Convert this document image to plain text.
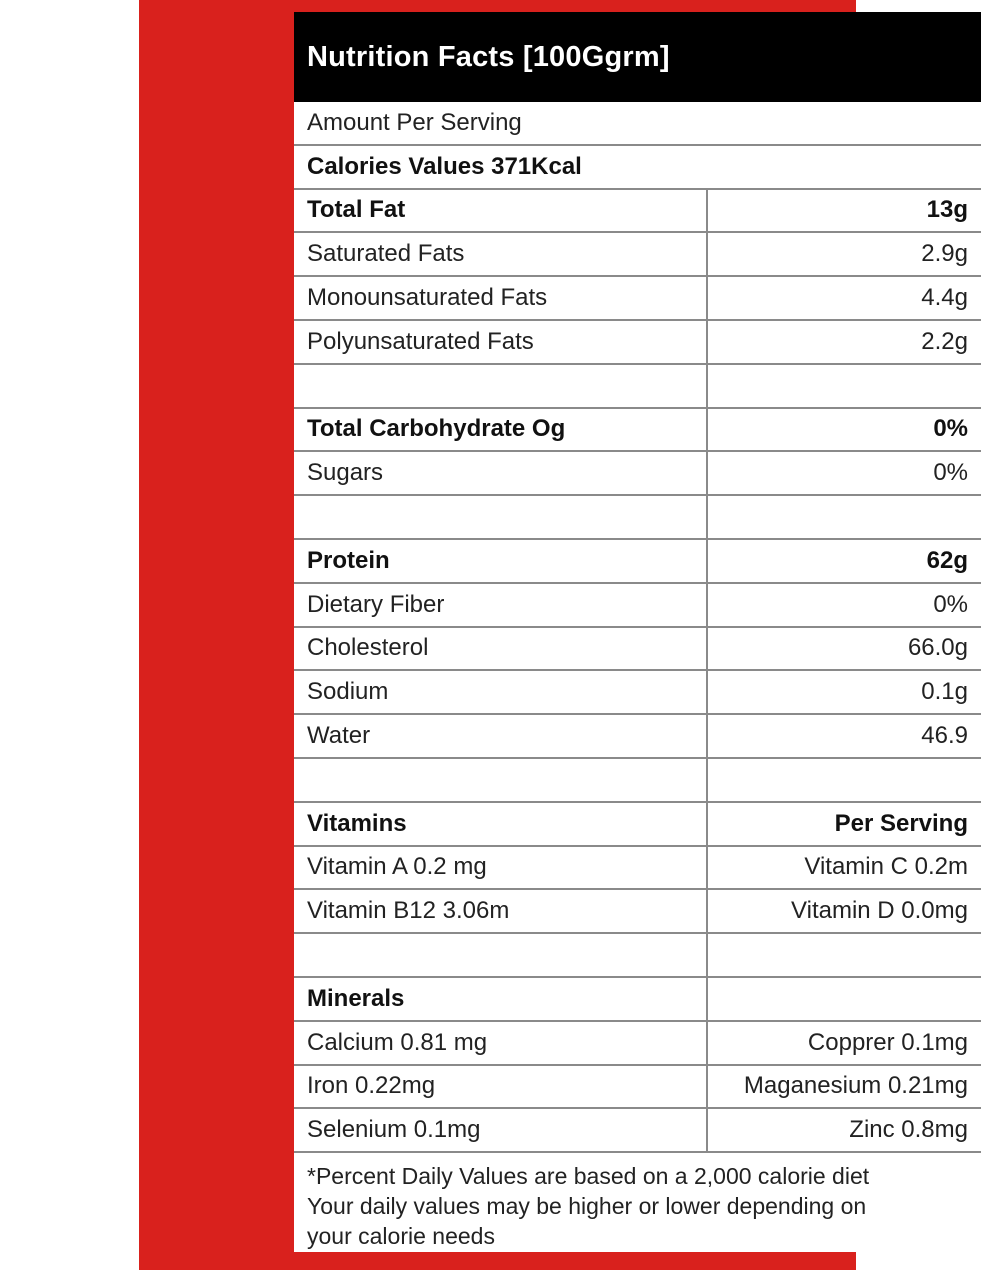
Nutrition Facts [100Ggrm]
Amount Per Serving
Calories Values 371Kcal
Total Fat	13g
Saturated Fats	2.9g
Monounsaturated Fats	4.4g
Polyunsaturated Fats	2.2g
Total Carbohydrate Og	0%
Sugars	0%
Protein	62g
Dietary Fiber	0%
Cholesterol	66.0g
Sodium	0.1g
Water	46.9
Vitamins	Per Serving
Vitamin A 0.2 mg	Vitamin C 0.2m
Vitamin B12 3.06m	Vitamin D 0.0mg
Minerals
Calcium 0.81 mg	Copprer 0.1mg
Iron 0.22mg	Maganesium 0.21mg
Selenium 0.1mg	Zinc 0.8mg
*Percent Daily Values are based on a 2,000 calorie diet
Your daily values may be higher or lower depending on
your calorie needs
